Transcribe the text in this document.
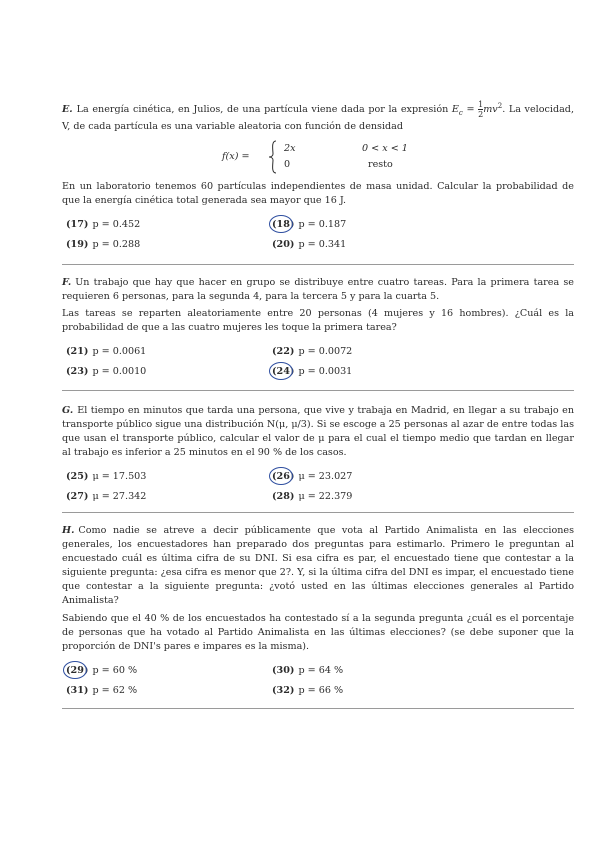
E. La energía cinética, en Julios, de una partícula viene dada por la expresión $E_c = \frac{1}{2} mv^2$. La velocidad, V, de cada partícula es una variable aleatoria con función de densidad
f(x) =
2x	0 < x < 1
0	resto
En un laboratorio tenemos 60 partículas independientes de masa unidad. Calcular la probabilidad de que la energía cinética total generada sea mayor que 16 J.
(17) p = 0.452	(18) p = 0.187
(19) p = 0.288	(20) p = 0.341
F. Un trabajo que hay que hacer en grupo se distribuye entre cuatro tareas. Para la primera tarea se requieren 6 personas, para la segunda 4, para la tercera 5 y para la cuarta 5.
Las tareas se reparten aleatoriamente entre 20 personas (4 mujeres y 16 hombres). ¿Cuál es la probabilidad de que a las cuatro mujeres les toque la primera tarea?
(21) p = 0.0061	(22) p = 0.0072
(23) p = 0.0010	(24) p = 0.0031
G. El tiempo en minutos que tarda una persona, que vive y trabaja en Madrid, en llegar a su trabajo en transporte público sigue una distribución N(μ, μ/3). Si se escoge a 25 personas al azar de entre todas las que usan el transporte público, calcular el valor de μ para el cual el tiempo medio que tardan en llegar al trabajo es inferior a 25 minutos en el 90 % de los casos.
(25) μ = 17.503	(26) μ = 23.027
(27) μ = 27.342	(28) μ = 22.379
H. Como nadie se atreve a decir públicamente que vota al Partido Animalista en las elecciones generales, los encuestadores han preparado dos preguntas para estimarlo. Primero le preguntan al encuestado cuál es última cifra de su DNI. Si esa cifra es par, el encuestado tiene que contestar a la siguiente pregunta: ¿esa cifra es menor que 2?. Y, si la última cifra del DNI es impar, el encuestado tiene que contestar a la siguiente pregunta: ¿votó usted en las últimas elecciones generales al Partido Animalista?
Sabiendo que el 40 % de los encuestados ha contestado sí a la segunda pregunta ¿cuál es el porcentaje de personas que ha votado al Partido Animalista en las últimas elecciones? (se debe suponer que la proporción de DNI's pares e impares es la misma).
(29) p = 60 %	(30) p = 64 %
(31) p = 62 %	(32) p = 66 %
